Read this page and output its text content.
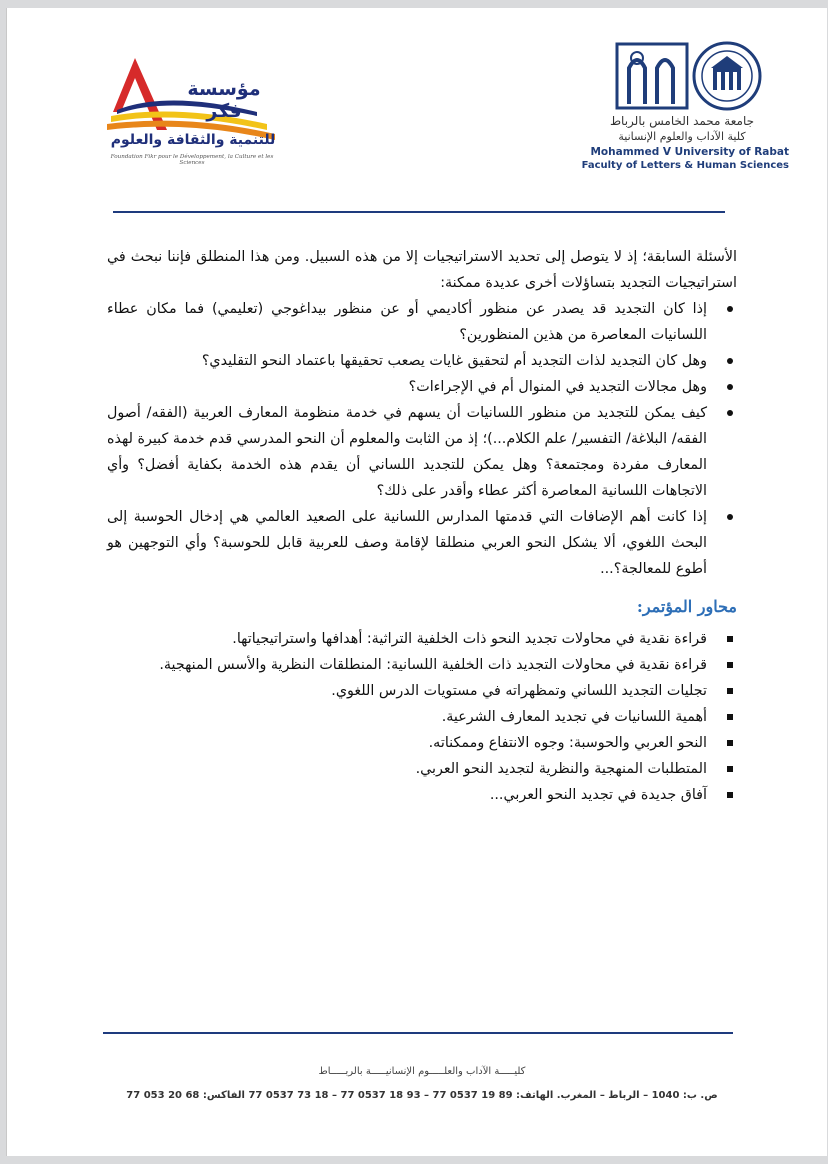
مؤسسة فكر
للتنمية والثقافة والعلوم
Foundation Fikr pour le Développement, la Culture et les Sciences
جامعة محمد الخامس بالرباط
كلية الآداب والعلوم الإنسانية
Mohammed V University of Rabat
Faculty of Letters & Human Sciences

الأسئلة السابقة؛ إذ لا يتوصل إلى تحديد الاستراتيجيات إلا من هذه السبيل. ومن هذا المنطلق فإننا نبحث في استراتيجيات التجديد بتساؤلات أخرى عديدة ممكنة:

إذا كان التجديد قد يصدر عن منظور أكاديمي أو عن منظور بيداغوجي (تعليمي) فما مكان عطاء اللسانيات المعاصرة من هذين المنظورين؟
وهل كان التجديد لذات التجديد أم لتحقيق غايات يصعب تحقيقها باعتماد النحو التقليدي؟
وهل مجالات التجديد في المنوال أم في الإجراءات؟
كيف يمكن للتجديد من منظور اللسانيات أن يسهم في خدمة منظومة المعارف العربية (الفقه/ أصول الفقه/ البلاغة/ التفسير/ علم الكلام...)؛ إذ من الثابت والمعلوم أن النحو المدرسي قدم خدمة كبيرة لهذه المعارف مفردة ومجتمعة؟ وهل يمكن للتجديد اللساني أن يقدم هذه الخدمة بكفاية أفضل؟ وأي الاتجاهات اللسانية المعاصرة أكثر عطاء وأقدر على ذلك؟
إذا كانت أهم الإضافات التي قدمتها المدارس اللسانية على الصعيد العالمي هي إدخال الحوسبة إلى البحث اللغوي، ألا يشكل النحو العربي منطلقا لإقامة وصف للعربية قابل للحوسبة؟ وأي التوجهين هو أطوع للمعالجة؟...
محاور المؤتمر:
قراءة نقدية في محاولات تجديد النحو ذات الخلفية التراثية: أهدافها واستراتيجياتها.
قراءة نقدية في محاولات التجديد ذات الخلفية اللسانية: المنطلقات النظرية والأسس المنهجية.
تجليات التجديد اللساني وتمظهراته في مستويات الدرس اللغوي.
أهمية اللسانيات في تجديد المعارف الشرعية.
النحو العربي والحوسبة: وجوه الانتفاع وممكناته.
المتطلبات المنهجية والنظرية لتجديد النحو العربي.
آفاق جديدة في تجديد النحو العربي...
كليـــــة الآداب والعلـــــوم الإنسانيـــــة بالربـــــاط
ص. ب: 1040 – الرباط – المغرب. الهاتف: 89 19 0537 77 – 93 18 0537 77 – 18 73 0537 77 الفاكس: 68 20 053 77
